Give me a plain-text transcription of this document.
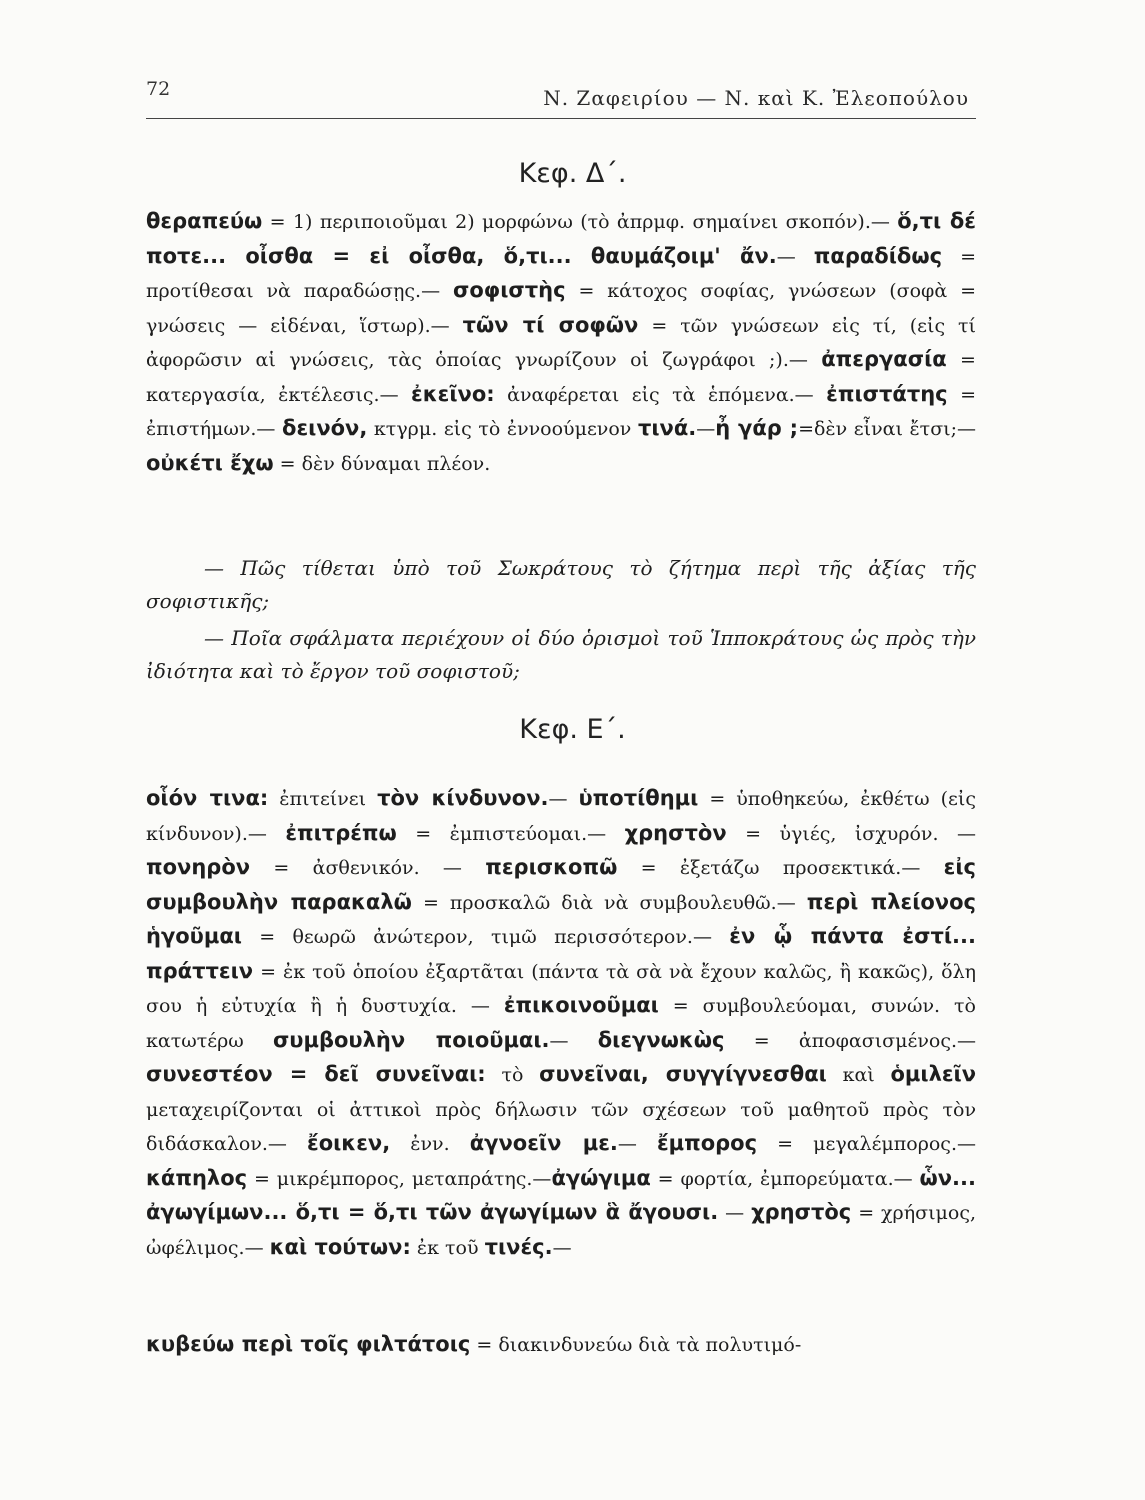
72	Ν. Ζαφειρίου — Ν. καὶ Κ. Ἐλεοπούλου
Κεφ. Δ΄.
θεραπεύω = 1) περιποιοῦμαι 2) μορφώνω (τὸ ἀπρμφ. σημαίνει σκοπόν).— ὅ,τι δέ ποτε... οἶσθα = εἰ οἶσθα, ὅ,τι... θαυμάζοιμ' ἄν.— παραδίδως = προτίθεσαι νὰ παραδώσῃς.— σοφιστὴς = κάτοχος σοφίας, γνώσεων (σοφὰ = γνώσεις — εἰδέναι, ἵστωρ).— τῶν τί σοφῶν = τῶν γνώσεων εἰς τί, (εἰς τί ἀφορῶσιν αἱ γνώσεις, τὰς ὁποίας γνωρίζουν οἱ ζωγράφοι ;).— ἀπεργασία = κατεργασία, ἐκτέλεσις.— ἐκεῖνο: ἀναφέρεται εἰς τὰ ἑπόμενα.— ἐπιστάτης = ἐπιστήμων.— δεινόν, κτγρμ. εἰς τὸ ἐννοούμενον τινά.—ἦ γάρ ;=δὲν εἶναι ἔτσι;— οὐκέτι ἔχω = δὲν δύναμαι πλέον.

— Πῶς τίθεται ὑπὸ τοῦ Σωκράτους τὸ ζήτημα περὶ τῆς ἀξίας τῆς σοφιστικῆς;

— Ποῖα σφάλματα περιέχουν οἱ δύο ὁρισμοὶ τοῦ Ἱπποκράτους ὡς πρὸς τὴν ἰδιότητα καὶ τὸ ἔργον τοῦ σοφιστοῦ;

Κεφ. Ε΄.
οἷόν τινα: ἐπιτείνει τὸν κίνδυνον.— ὑποτίθημι = ὑποθηκεύω, ἐκθέτω (εἰς κίνδυνον).— ἐπιτρέπω = ἐμπιστεύομαι.— χρηστὸν = ὑγιές, ἰσχυρόν. — πονηρὸν = ἀσθενικόν. — περισκοπῶ = ἐξετάζω προσεκτικά.— εἰς συμβουλὴν παρακαλῶ = προσκαλῶ διὰ νὰ συμβουλευθῶ.— περὶ πλείονος ἡγοῦμαι = θεωρῶ ἀνώτερον, τιμῶ περισσότερον.— ἐν ᾧ πάντα ἐστί... πράττειν = ἐκ τοῦ ὁποίου ἐξαρτᾶται (πάντα τὰ σὰ νὰ ἔχουν καλῶς, ἢ κακῶς), ὅλη σου ἡ εὐτυχία ἢ ἡ δυστυχία. — ἐπικοινοῦμαι = συμβουλεύομαι, συνών. τὸ κατωτέρω συμβουλὴν ποιοῦμαι.— διεγνωκὼς = ἀποφασισμένος.— συνεστέον = δεῖ συνεῖναι: τὸ συνεῖναι, συγγίγνεσθαι καὶ ὁμιλεῖν μεταχειρίζονται οἱ ἀττικοὶ πρὸς δήλωσιν τῶν σχέσεων τοῦ μαθητοῦ πρὸς τὸν διδάσκαλον.— ἔοικεν, ἐνν. ἀγνοεῖν με.— ἔμπορος = μεγαλέμπορος.— κάπηλος = μικρέμπορος, μεταπράτης.—ἀγώγιμα = φορτία, ἐμπορεύματα.— ὧν... ἀγωγίμων... ὅ,τι = ὅ,τι τῶν ἀγωγίμων ἃ ἄγουσι. — χρηστὸς = χρήσιμος, ὠφέλιμος.— καὶ τούτων: ἐκ τοῦ τινές.—
κυβεύω περὶ τοῖς φιλτάτοις = διακινδυνεύω διὰ τὰ πολυτιμό-
